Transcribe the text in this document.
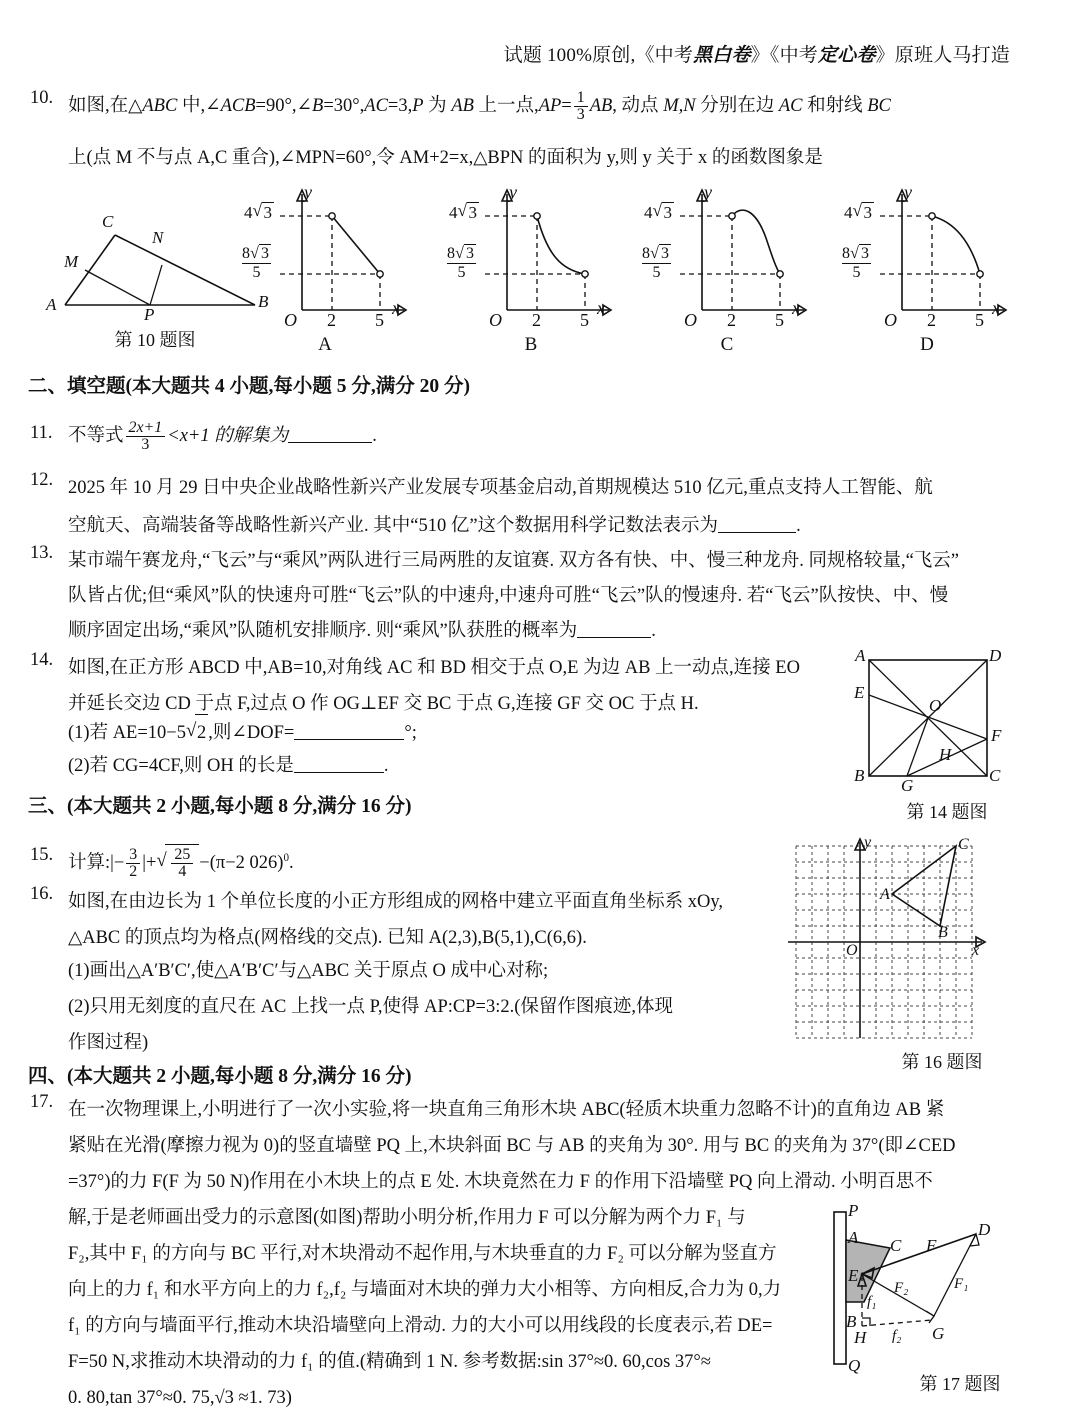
试题 100%原创,《中考黑白卷》《中考定心卷》原班人马打造
10. 如图,在△ABC 中,∠ACB=90°,∠B=30°,AC=3,P 为 AB 上一点$,AP= \frac{1}{3}$ AB, 动点 M,N 分别在边 AC 和射线 BC
上(点 M 不与点 A,C 重合),∠MPN=60°,令 AM+2=x,△BPN 的面积为 y,则 y 关于 x 的函数图象是
C
N
M
A
P
B
第 10 题图
y
x
O 2 5
4 √ 3
$\frac{8 √ 3}{5}$
A
y
x
O 2 5
4 √ 3
$\frac{8 √ 3}{5}$
B
y
x
O 2 5
4 √ 3
$\frac{8 √ 3}{5}$
C
y
x
O 2 5
4 √ 3
$\frac{8 √ 3}{5}$
D
二、填空题(本大题共 4 小题,每小题 5 分,满分 20 分)
11. 不等式 $\frac{2x+1}{3} <x+1$ 的解集为	.
12. 2025 年 10 月 29 日中央企业战略性新兴产业发展专项基金启动,首期规模达 510 亿元,重点支持人工智能、航
空航天、高端装备等战略性新兴产业. 其中“510 亿”这个数据用科学记数法表示为	.
13. 某市端午赛龙舟,“飞云”与“乘风”两队进行三局两胜的友谊赛. 双方各有快、中、慢三种龙舟. 同规格较量,“飞云”
队皆占优;但“乘风”队的快速舟可胜“飞云”队的中速舟,中速舟可胜“飞云”队的慢速舟. 若“飞云”队按快、中、慢
顺序固定出场,“乘风”队随机安排顺序. 则“乘风”队获胜的概率为	.
14. 如图,在正方形 ABCD 中,AB=10,对角线 AC 和 BD 相交于点 O,E 为边 AB 上一动点,连接 EO
并延长交边 CD 于点 F,过点 O 作 OG⊥EF 交 BC 于点 G,连接 GF 交 OC 于点 H.
(1)若 AE=10−5 √ 2 ,则∠DOF=	°;
(2)若 CG=4CF,则 OH 的长是	.
A	D
E
O
F
H
B
G
C
第 14 题图
三、(本大题共 2 小题,每小题 8 分,满分 16 分)
15. 计算:|− $\frac{3}{2}$ |+ √ $\frac{25}{4} -(\pi-2$ 026)$^0$.
16. 如图,在由边长为 1 个单位长度的小正方形组成的网格中建立平面直角坐标系 xOy,
△ABC 的顶点均为格点(网格线的交点). 已知 A(2,3),B(5,1),C(6,6).
(1)画出△A′B′C′,使△A′B′C′与△ABC 关于原点 O 成中心对称;
(2)只用无刻度的直尺在 AC 上找一点 P,使得 AP:CP=3:2.(保留作图痕迹,体现
作图过程)
y	C
A
B
O	x
第 16 题图
四、(本大题共 2 小题,每小题 8 分,满分 16 分)
17. 在一次物理课上,小明进行了一次小实验,将一块直角三角形木块 ABC(轻质木块重力忽略不计)的直角边 AB 紧
紧贴在光滑(摩擦力视为 0)的竖直墙壁 PQ 上,木块斜面 BC 与 AB 的夹角为 30°. 用与 BC 的夹角为 37°(即∠CED
=37°)的力 F(F 为 50 N)作用在小木块上的点 E 处. 木块竟然在力 F 的作用下沿墙壁 PQ 向上滑动. 小明百思不
解,于是老师画出受力的示意图(如图)帮助小明分析,作用力 F 可以分解为两个力 F₁ 与
F₂,其中 F₁ 的方向与 BC 平行,对木块滑动不起作用,与木块垂直的力 F₂ 可以分解为竖直方
向上的力 f₁ 和水平方向上的力 f₂,f₂ 与墙面对木块的弹力大小相等、方向相反,合力为 0,力
f₁ 的方向与墙面平行,推动木块沿墙壁向上滑动. 力的大小可以用线段的长度表示,若 DE=
F=50 N,求推动木块滑动的力 f₁ 的值.(精确到 1 N. 参考数据:sin 37°≈0. 60,cos 37°≈
0. 80,tan 37°≈0. 75,√3 ≈1. 73)
P
A C F
D
E
F₂	F₁
f₁
B
H f₂ G
Q
第 17 题图
